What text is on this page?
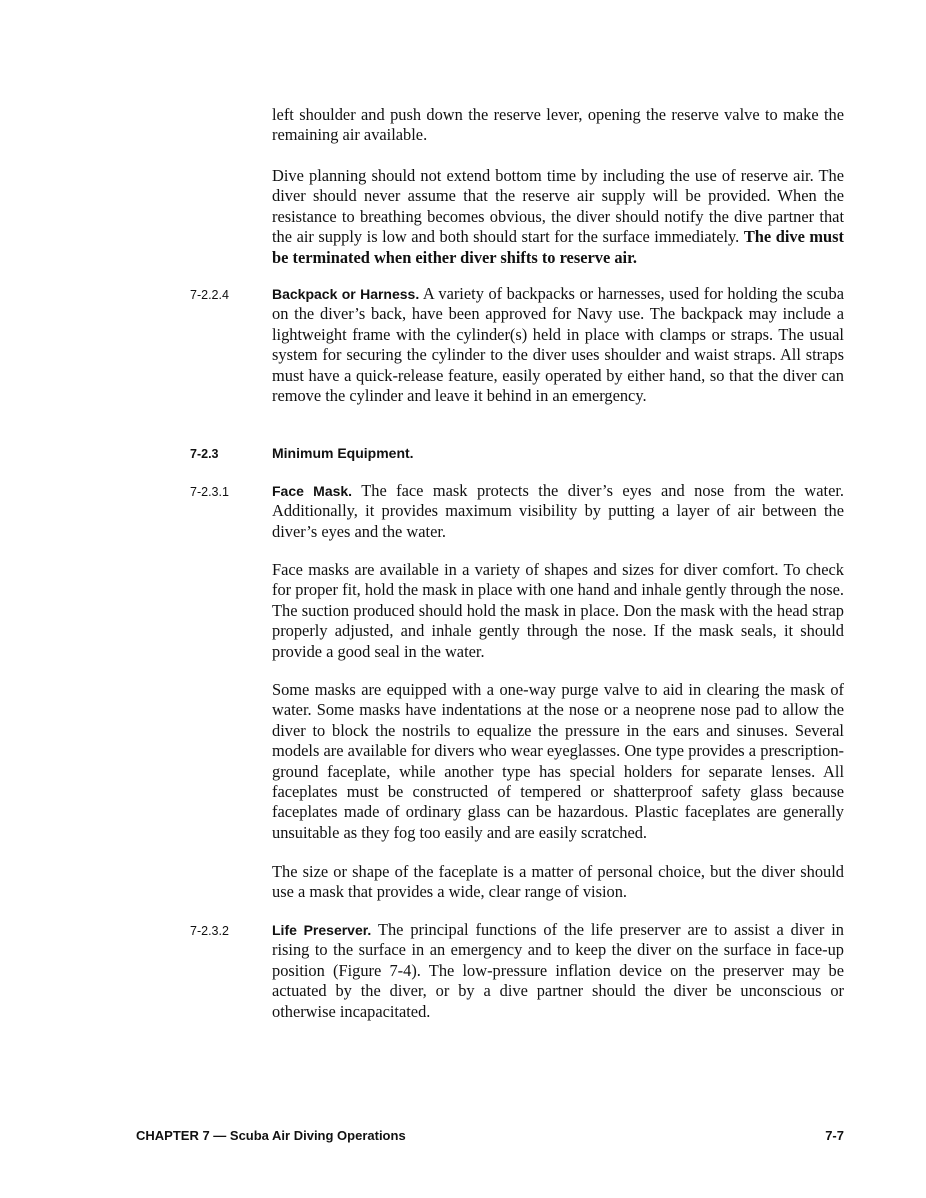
left shoulder and push down the reserve lever, opening the reserve valve to make the remaining air available.

Dive planning should not extend bottom time by including the use of reserve air. The diver should never assume that the reserve air supply will be provided. When the resistance to breathing becomes obvious, the diver should notify the dive partner that the air supply is low and both should start for the surface immediately. The dive must be terminated when either diver shifts to reserve air.

7-2.2.4	Backpack or Harness. A variety of backpacks or harnesses, used for holding the scuba on the diver’s back, have been approved for Navy use. The backpack may include a lightweight frame with the cylinder(s) held in place with clamps or straps. The usual system for securing the cylinder to the diver uses shoulder and waist straps. All straps must have a quick-release feature, easily operated by either hand, so that the diver can remove the cylinder and leave it behind in an emergency.

7-2.3	Minimum Equipment.
7-2.3.1	Face Mask. The face mask protects the diver’s eyes and nose from the water. Additionally, it provides maximum visibility by putting a layer of air between the diver’s eyes and the water.

Face masks are available in a variety of shapes and sizes for diver comfort. To check for proper fit, hold the mask in place with one hand and inhale gently through the nose. The suction produced should hold the mask in place. Don the mask with the head strap properly adjusted, and inhale gently through the nose. If the mask seals, it should provide a good seal in the water.

Some masks are equipped with a one-way purge valve to aid in clearing the mask of water. Some masks have indentations at the nose or a neoprene nose pad to allow the diver to block the nostrils to equalize the pressure in the ears and sinuses. Several models are available for divers who wear eyeglasses. One type provides a prescription-ground faceplate, while another type has special holders for separate lenses. All faceplates must be constructed of tempered or shatterproof safety glass because faceplates made of ordinary glass can be hazardous. Plastic faceplates are generally unsuitable as they fog too easily and are easily scratched.

The size or shape of the faceplate is a matter of personal choice, but the diver should use a mask that provides a wide, clear range of vision.

7-2.3.2	Life Preserver. The principal functions of the life preserver are to assist a diver in rising to the surface in an emergency and to keep the diver on the surface in face-up position (Figure 7-4). The low-pressure inflation device on the preserver may be actuated by the diver, or by a dive partner should the diver be unconscious or otherwise incapacitated.

CHAPTER 7 — Scuba Air Diving Operations	7-7
